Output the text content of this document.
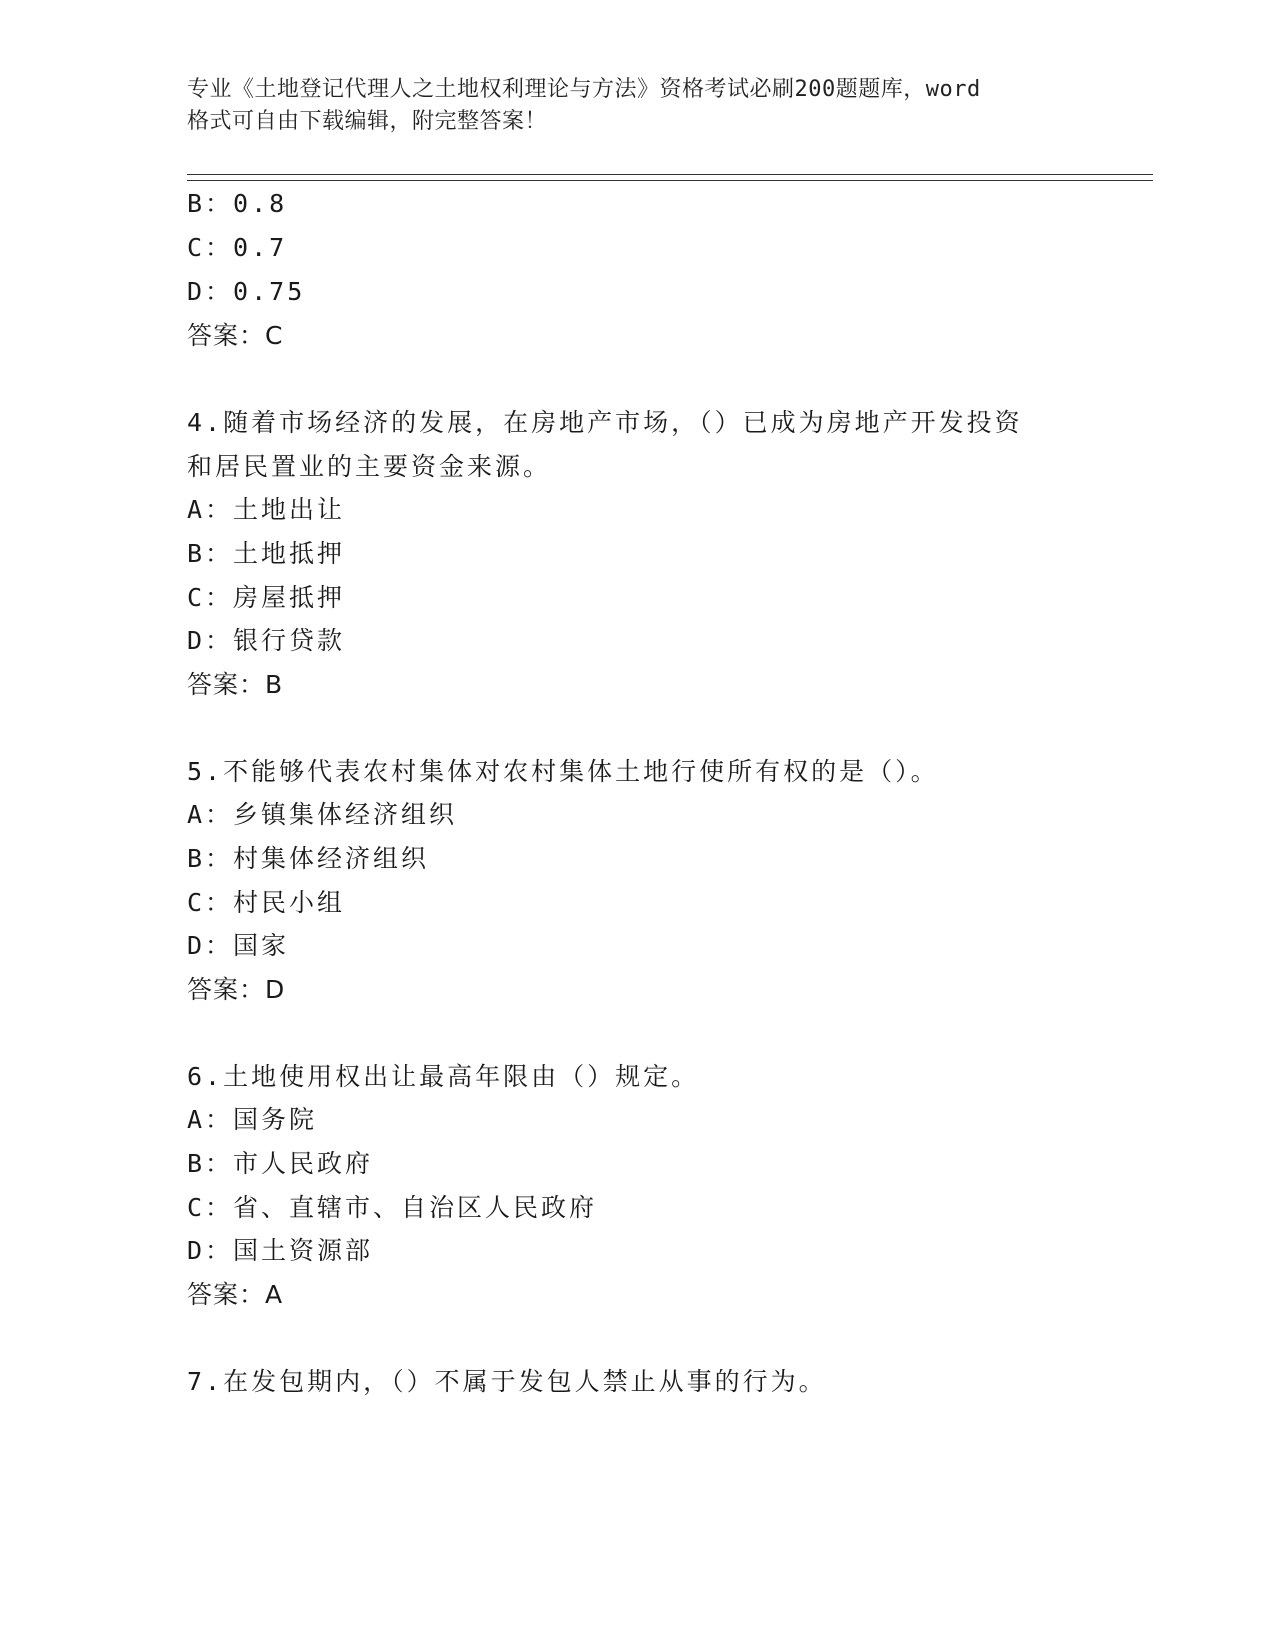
专业《土地登记代理人之土地权利理论与方法》资格考试必刷200题题库，word
格式可自由下载编辑，附完整答案！
B：0.8
C：0.7
D：0.75
答案：C
4.随着市场经济的发展，在房地产市场，（）已成为房地产开发投资
和居民置业的主要资金来源。
A：土地出让
B：土地抵押
C：房屋抵押
D：银行贷款
答案：B
5.不能够代表农村集体对农村集体土地行使所有权的是（）。
A：乡镇集体经济组织
B：村集体经济组织
C：村民小组
D：国家
答案：D
6.土地使用权出让最高年限由（）规定。
A：国务院
B：市人民政府
C：省、直辖市、自治区人民政府
D：国土资源部
答案：A
7.在发包期内，（）不属于发包人禁止从事的行为。
